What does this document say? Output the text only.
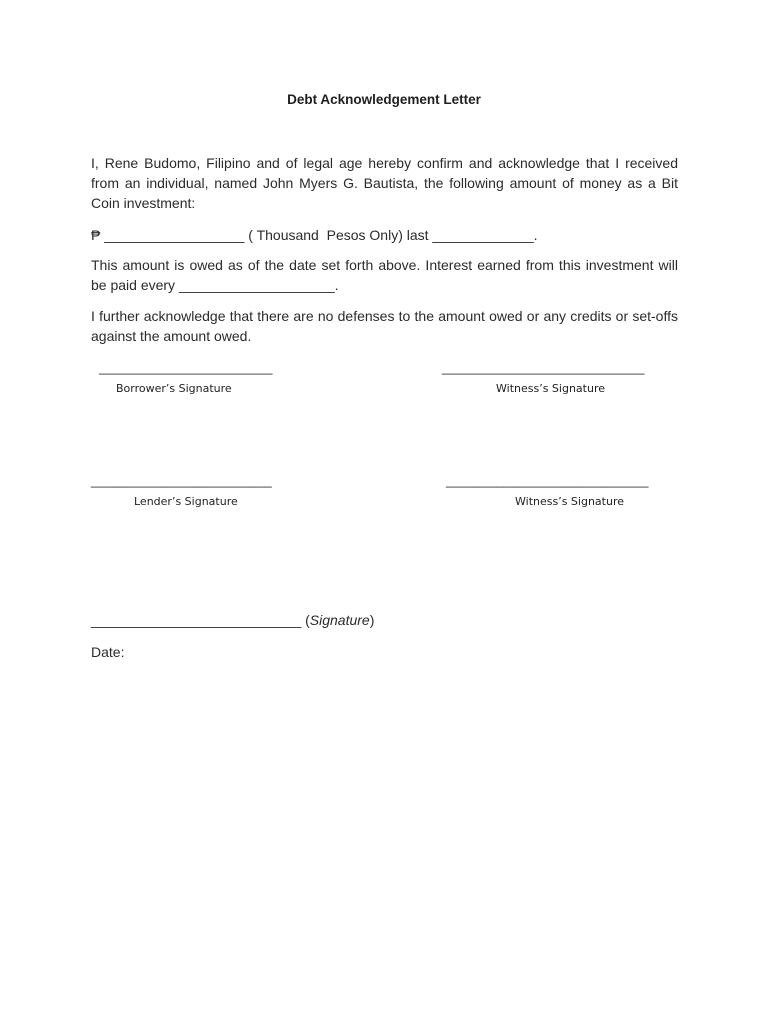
Debt Acknowledgement Letter
I, Rene Budomo, Filipino and of legal age hereby confirm and acknowledge that I received from an individual, named John Myers G. Bautista, the following amount of money as a Bit Coin investment:
₱ __________________ ( Thousand  Pesos Only) last _____________.
This amount is owed as of the date set forth above. Interest earned from this investment will be paid every ____________________.
I further acknowledge that there are no defenses to the amount owed or any credits or set-offs against the amount owed.
________________________
Borrower’s Signature
____________________________
Witness’s Signature
_________________________
Lender’s Signature
____________________________
Witness’s Signature
___________________________ (Signature)
Date:
